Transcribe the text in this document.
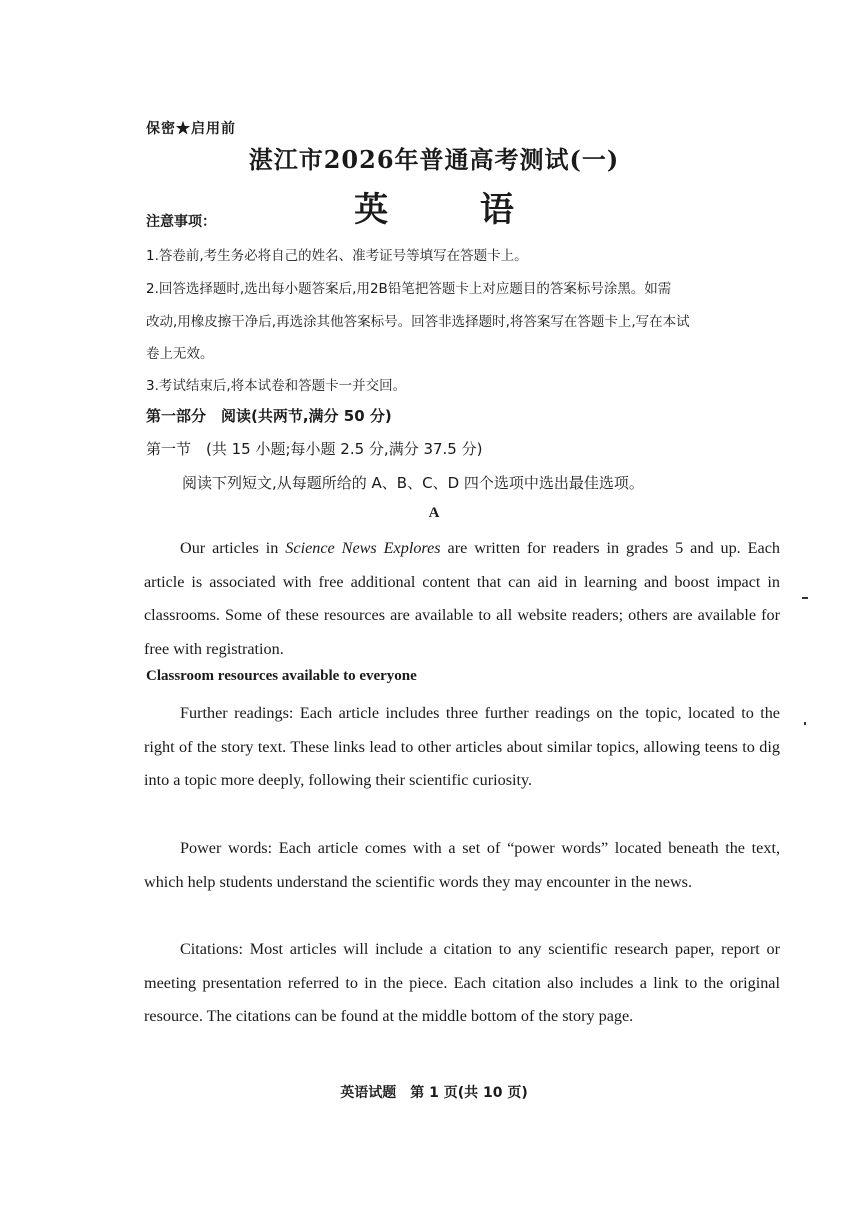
保密★启用前
湛江市2026年普通高考测试(一)
英 语
注意事项：
1.答卷前,考生务必将自己的姓名、准考证号等填写在答题卡上。
2.回答选择题时,选出每小题答案后,用2B铅笔把答题卡上对应题目的答案标号涂黑。如需
改动,用橡皮擦干净后,再选涂其他答案标号。回答非选择题时,将答案写在答题卡上,写在本试
卷上无效。
3.考试结束后,将本试卷和答题卡一并交回。
第一部分　阅读(共两节,满分 50 分)
第一节　(共 15 小题;每小题 2.5 分,满分 37.5 分)
阅读下列短文,从每题所给的 A、B、C、D 四个选项中选出最佳选项。
A

Our articles in Science News Explores are written for readers in grades 5 and up. Each article is associated with free additional content that can aid in learning and boost impact in classrooms. Some of these resources are available to all website readers; others are available for free with registration.

Classroom resources available to everyone

Further readings: Each article includes three further readings on the topic, located to the right of the story text. These links lead to other articles about similar topics, allowing teens to dig into a topic more deeply, following their scientific curiosity.

Power words: Each article comes with a set of “power words” located beneath the text, which help students understand the scientific words they may encounter in the news.

Citations: Most articles will include a citation to any scientific research paper, report or meeting presentation referred to in the piece. Each citation also includes a link to the original resource. The citations can be found at the middle bottom of the story page.

英语试题　第 1 页(共 10 页)
